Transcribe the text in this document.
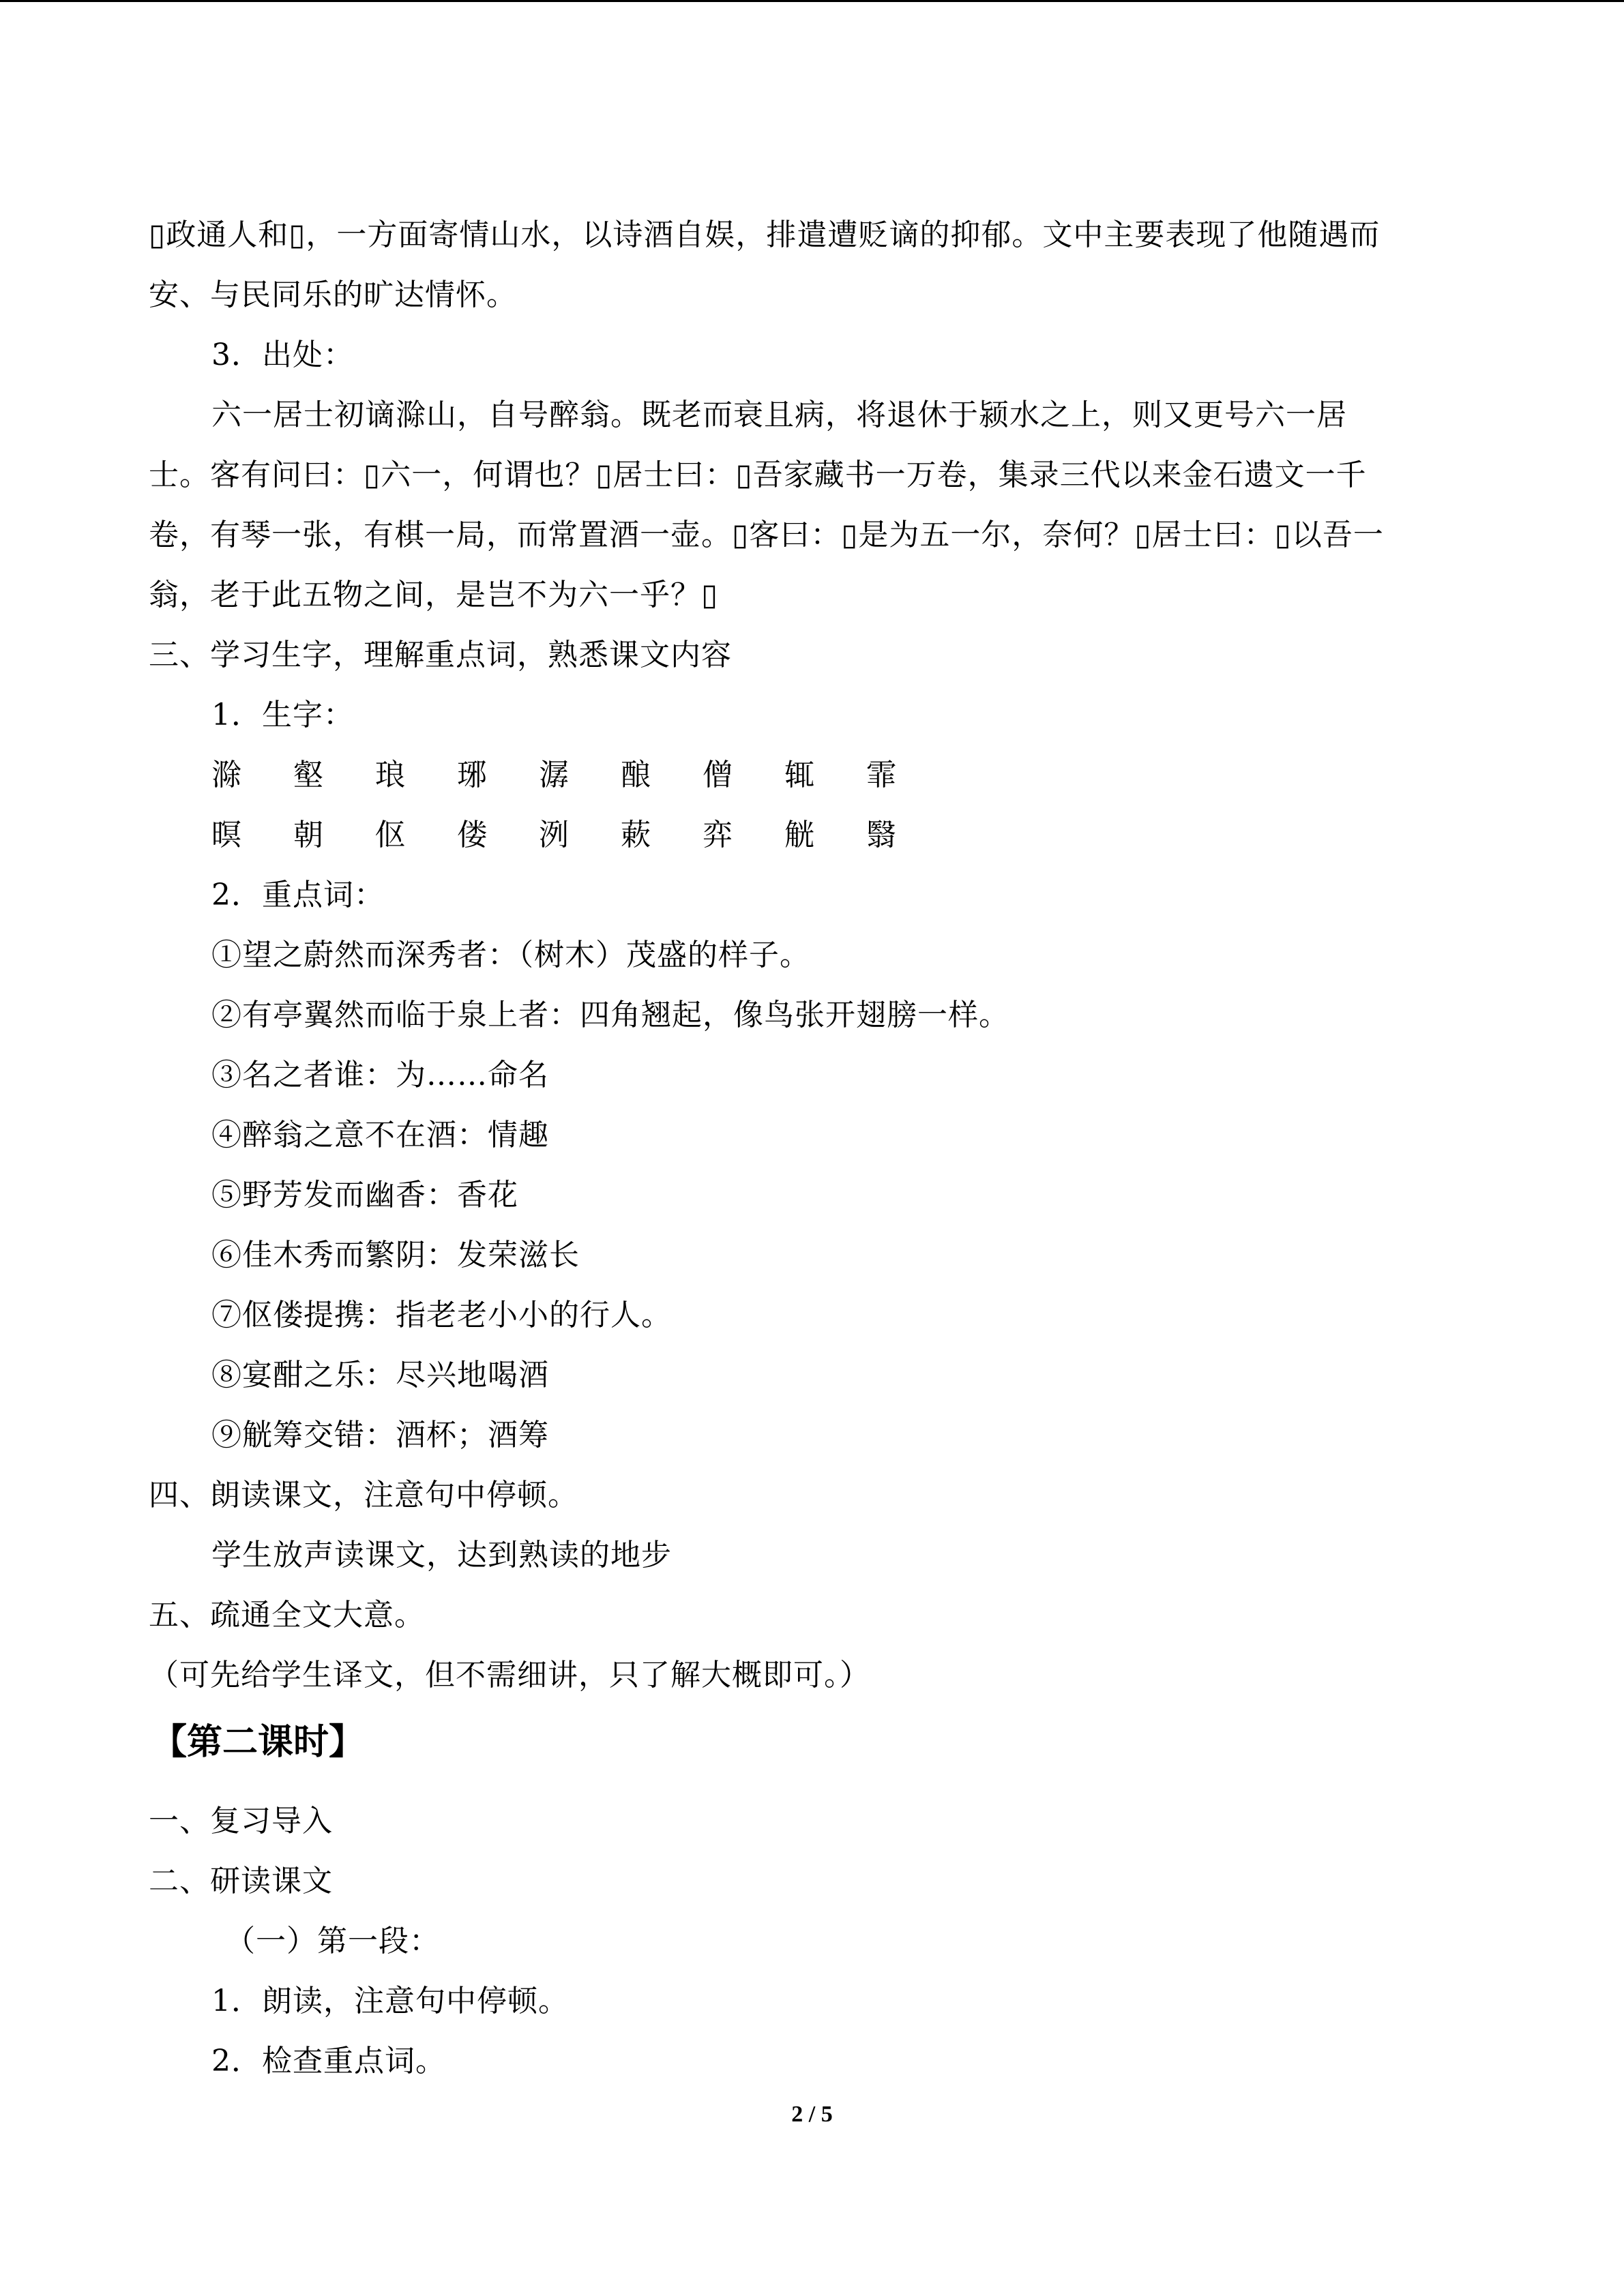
▯政通人和▯，一方面寄情山水，以诗酒自娱，排遣遭贬谪的抑郁。文中主要表现了他随遇而
安、与民同乐的旷达情怀。
3．出处：
六一居士初谪滁山，自号醉翁。既老而衰且病，将退休于颍水之上，则又更号六一居
士。客有问曰：▯六一，何谓也？▯居士曰：▯吾家藏书一万卷，集录三代以来金石遗文一千
卷，有琴一张，有棋一局，而常置酒一壶。▯客曰：▯是为五一尔，奈何？▯居士曰：▯以吾一
翁，老于此五物之间，是岂不为六一乎？▯
三、学习生字，理解重点词，熟悉课文内容
1．生字：
滁	壑	琅	琊	潺	酿	僧	辄	霏
暝	朝	伛	偻	洌	蔌	弈	觥	翳
2．重点词：
①望之蔚然而深秀者：（树木）茂盛的样子。
②有亭翼然而临于泉上者：四角翘起，像鸟张开翅膀一样。
③名之者谁：为……命名
④醉翁之意不在酒：情趣
⑤野芳发而幽香：香花
⑥佳木秀而繁阴：发荣滋长
⑦伛偻提携：指老老小小的行人。
⑧宴酣之乐：尽兴地喝酒
⑨觥筹交错：酒杯；酒筹
四、朗读课文，注意句中停顿。
学生放声读课文，达到熟读的地步
五、疏通全文大意。
（可先给学生译文，但不需细讲，只了解大概即可。）
【第二课时】
一、复习导入
二、研读课文
（一）第一段：
1．朗读，注意句中停顿。
2．检查重点词。
2 / 5
